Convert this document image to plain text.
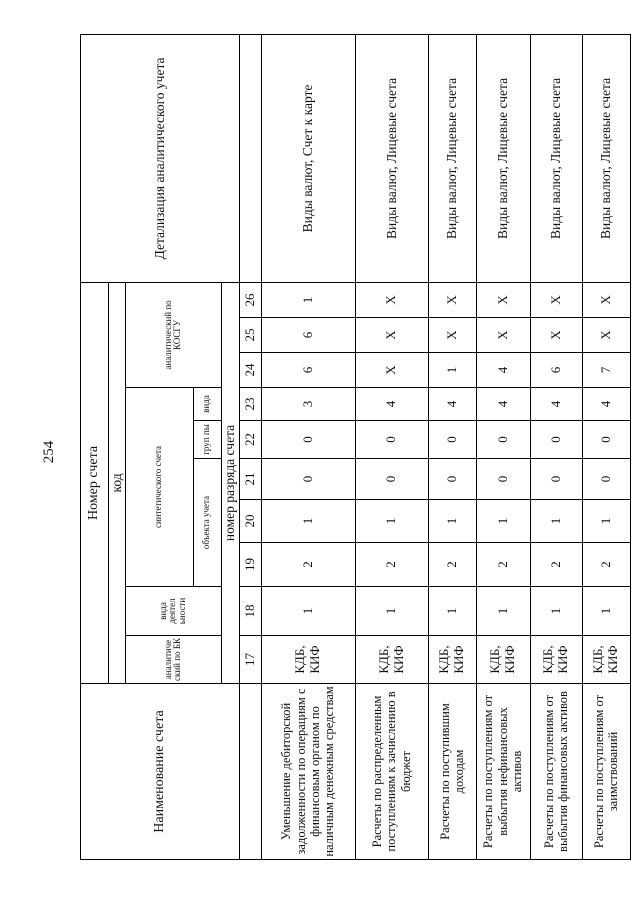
254
Наименование счета	Номер счета										Детализация аналитического учета
	код										
	аналитиче ский по БК	вида деятел ьности	синтетического счета					аналитический по КОСГУ			
			объекта учета			груп пы	вида				
	номер разряда счета										
	17	18	19	20	21	22	23	24	25	26	
Уменьшение дебиторской задолженности по операциям с финансовым органом по наличным денежным средствам	КДБ, КИФ	1	2	1	0	0	3	6	6	1	Виды валют, Счет к карте
Расчеты по распределенным поступлениям к зачислению в бюджет	КДБ, КИФ	1	2	1	0	0	4	X	X	X	Виды валют, Лицевые счета
Расчеты по поступившим доходам	КДБ, КИФ	1	2	1	0	0	4	1	X	X	Виды валют, Лицевые счета
Расчеты по поступлениям от выбытия нефинансовых активов	КДБ, КИФ	1	2	1	0	0	4	4	X	X	Виды валют, Лицевые счета
Расчеты по поступлениям от выбытия финансовых активов	КДБ, КИФ	1	2	1	0	0	4	6	X	X	Виды валют, Лицевые счета
Расчеты по поступлениям от заимствований	КДБ, КИФ	1	2	1	0	0	4	7	X	X	Виды валют, Лицевые счета
